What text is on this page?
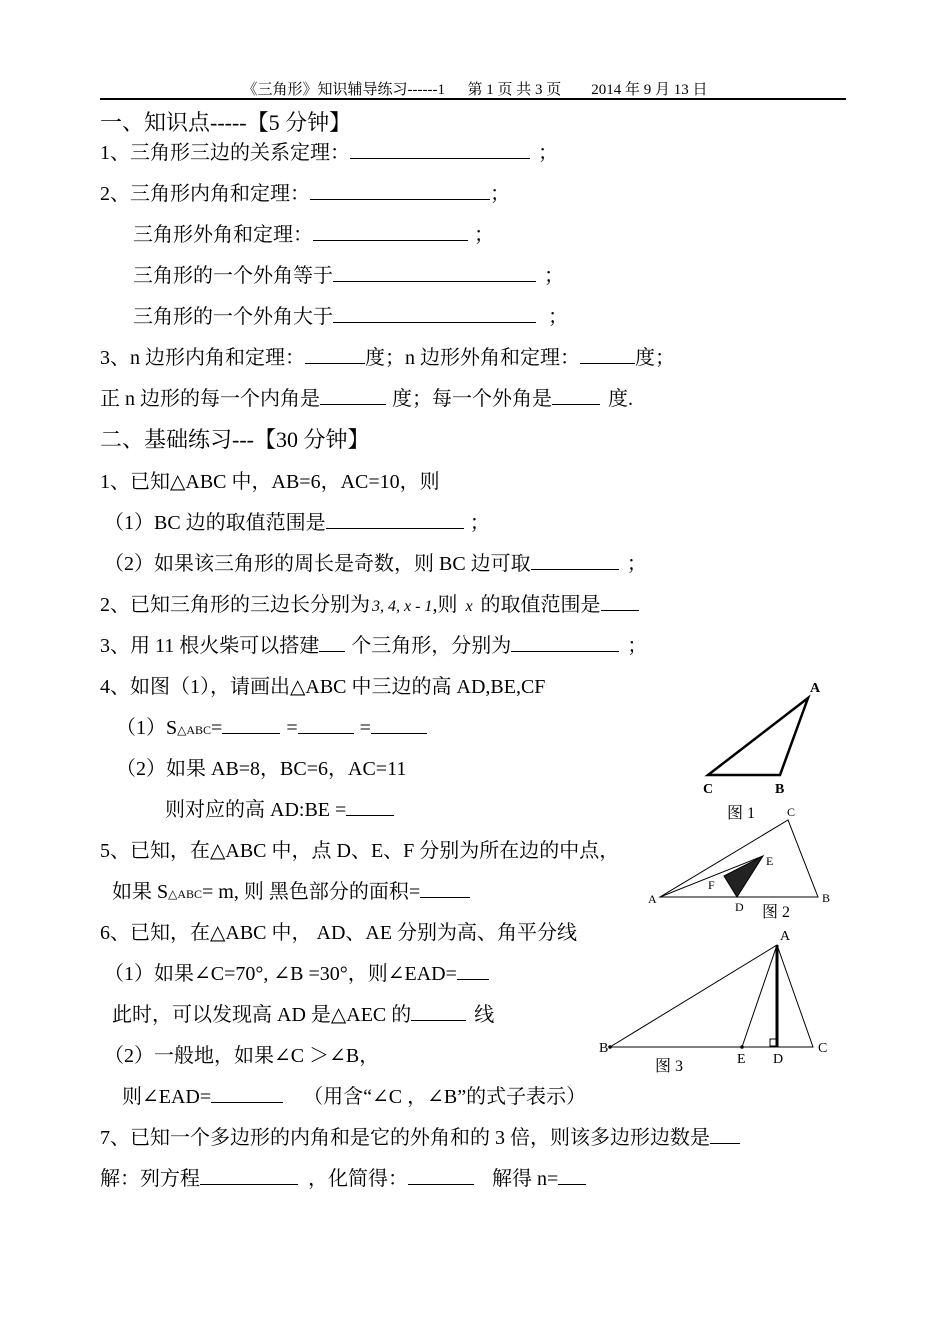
《三角形》知识辅导练习------1      第 1 页 共 3 页        2014 年 9 月 13 日
一、知识点-----【5 分钟】
1、三角形三边的关系定理：	；
2、三角形内角和定理：	；
三角形外角和定理：	；
三角形的一个外角等于	；
三角形的一个外角大于	；
3、n 边形内角和定理：	度；n 边形外角和定理：	度；
正 n 边形的每一个内角是	度；每一个外角是	度.
二、基础练习---【30 分钟】
1、已知△ABC 中，AB=6，AC=10，则
（1）BC 边的取值范围是	；
（2）如果该三角形的周长是奇数，则 BC 边可取	；
2、已知三角形的三边长分别为 3, 4, x - 1,则 x 的取值范围是
3、用 11 根火柴可以搭建 个三角形，分别为	；
4、如图（1），请画出△ABC 中三边的高 AD,BE,CF
（1）S△ABC=	=	=
（2）如果 AB=8，BC=6，AC=11
则对应的高 AD:BE =
5、已知，在△ABC 中，点 D、E、F 分别为所在边的中点，
如果 S△ABC= m, 则 黑色部分的面积=
6、已知，在△ABC 中， AD、AE 分别为高、角平分线
（1）如果∠C=70°, ∠B =30°，则∠EAD=
此时，可以发现高 AD 是△AEC 的	线
（2）一般地，如果∠C ＞∠B，
则∠EAD=	（用含“∠C ，∠B”的式子表示）
7、已知一个多边形的内角和是它的外角和的 3 倍，则该多边形边数是
解：列方程	，化简得：	解得 n=
A
C	B
图 1	C
E
F
A
D
B
图 2
A
B
E D
C
图 3
